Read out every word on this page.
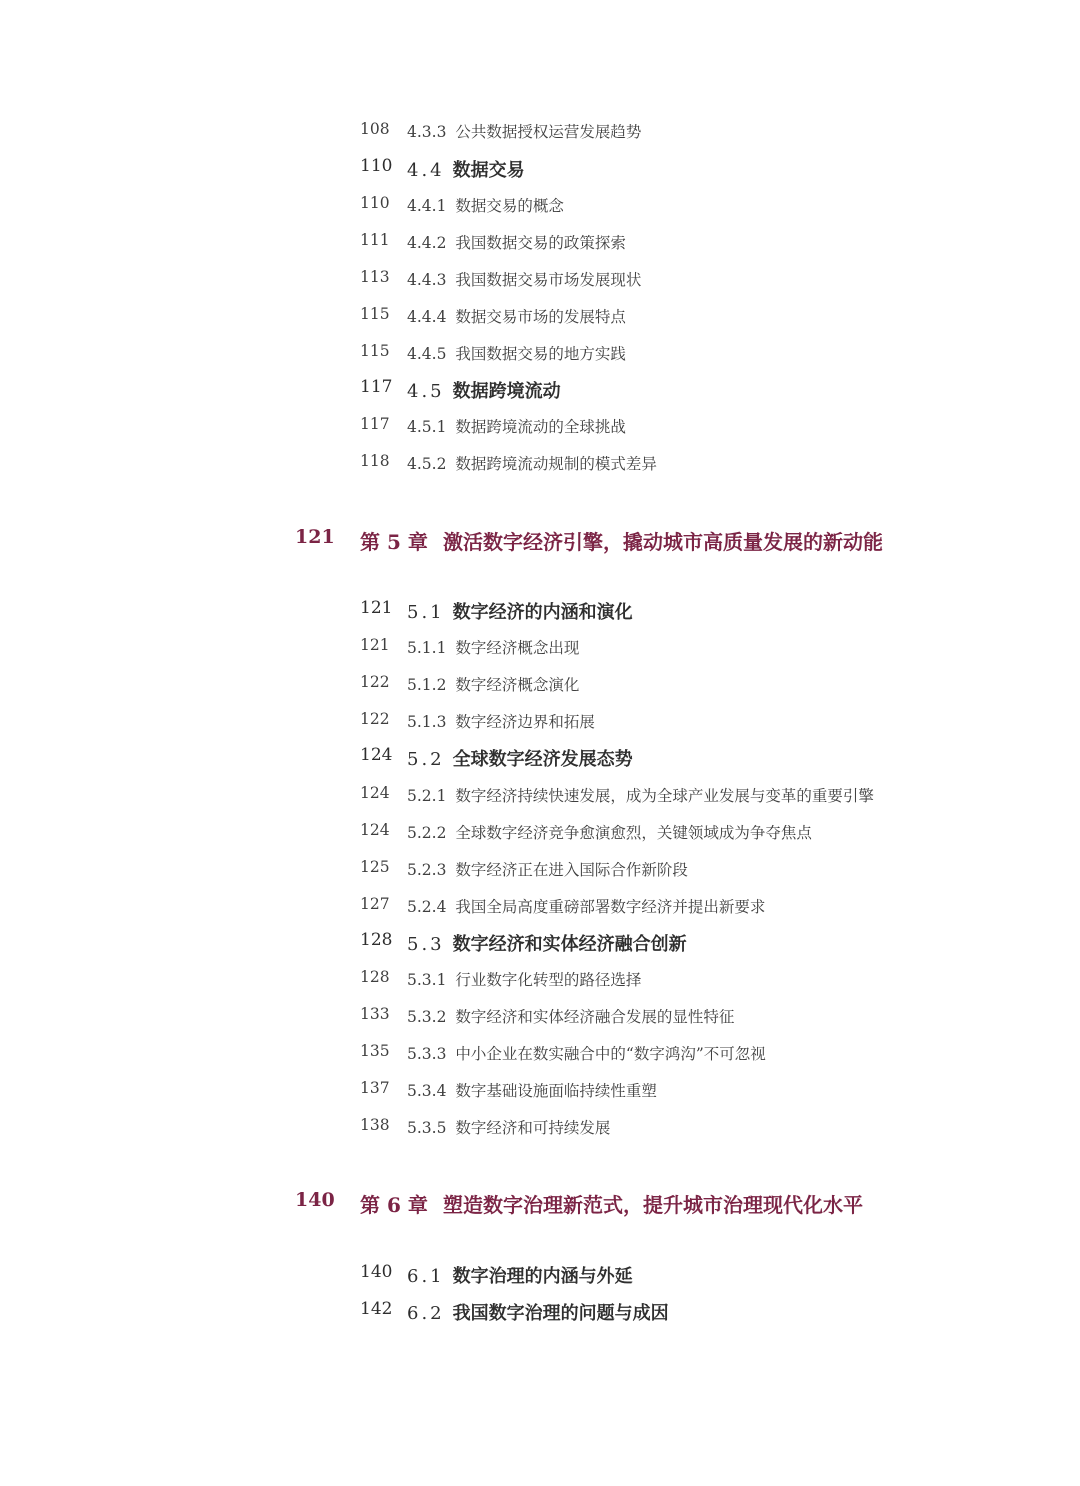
108 4.3.3 公共数据授权运营发展趋势
110 4.4 数据交易
110 4.4.1 数据交易的概念
111 4.4.2 我国数据交易的政策探索
113 4.4.3 我国数据交易市场发展现状
115 4.4.4 数据交易市场的发展特点
115 4.4.5 我国数据交易的地方实践
117 4.5 数据跨境流动
117 4.5.1 数据跨境流动的全球挑战
118 4.5.2 数据跨境流动规制的模式差异
121 第 5 章 激活数字经济引擎，撬动城市高质量发展的新动能
121 5.1 数字经济的内涵和演化
121 5.1.1 数字经济概念出现
122 5.1.2 数字经济概念演化
122 5.1.3 数字经济边界和拓展
124 5.2 全球数字经济发展态势
124 5.2.1 数字经济持续快速发展，成为全球产业发展与变革的重要引擎
124 5.2.2 全球数字经济竞争愈演愈烈，关键领域成为争夺焦点
125 5.2.3 数字经济正在进入国际合作新阶段
127 5.2.4 我国全局高度重磅部署数字经济并提出新要求
128 5.3 数字经济和实体经济融合创新
128 5.3.1 行业数字化转型的路径选择
133 5.3.2 数字经济和实体经济融合发展的显性特征
135 5.3.3 中小企业在数实融合中的“数字鸿沟”不可忽视
137 5.3.4 数字基础设施面临持续性重塑
138 5.3.5 数字经济和可持续发展
140 第 6 章 塑造数字治理新范式，提升城市治理现代化水平
140 6.1 数字治理的内涵与外延
142 6.2 我国数字治理的问题与成因
